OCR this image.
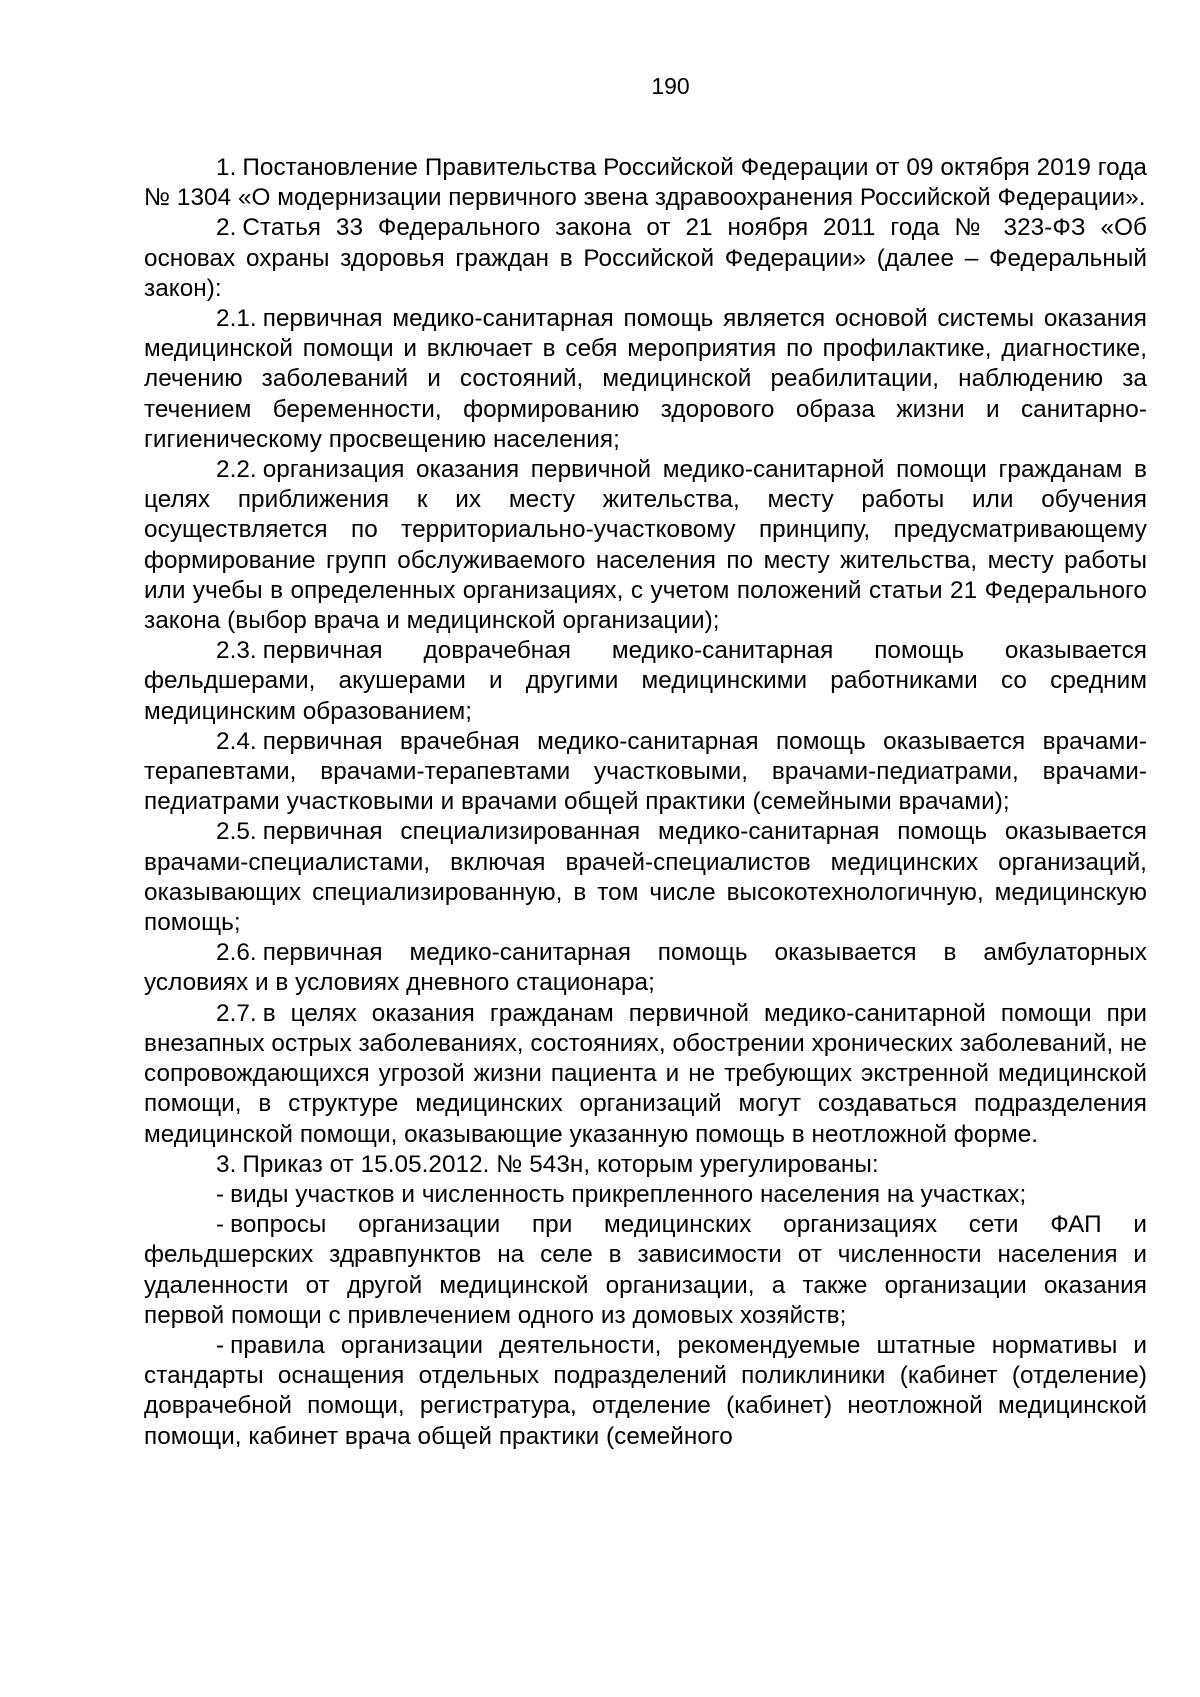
190

1. Постановление Правительства Российской Федерации от 09 октября 2019 года № 1304 «О модернизации первичного звена здравоохранения Российской Федерации».

2. Статья 33 Федерального закона от 21 ноября 2011 года № 323-ФЗ «Об основах охраны здоровья граждан в Российской Федерации» (далее – Федеральный закон):

2.1. первичная медико-санитарная помощь является основой системы оказания медицинской помощи и включает в себя мероприятия по профилактике, диагностике, лечению заболеваний и состояний, медицинской реабилитации, наблюдению за течением беременности, формированию здорового образа жизни и санитарно-гигиеническому просвещению населения;

2.2. организация оказания первичной медико-санитарной помощи гражданам в целях приближения к их месту жительства, месту работы или обучения осуществляется по территориально-участковому принципу, предусматривающему формирование групп обслуживаемого населения по месту жительства, месту работы или учебы в определенных организациях, с учетом положений статьи 21 Федерального закона (выбор врача и медицинской организации);

2.3. первичная доврачебная медико-санитарная помощь оказывается фельдшерами, акушерами и другими медицинскими работниками со средним медицинским образованием;

2.4. первичная врачебная медико-санитарная помощь оказывается врачами-терапевтами, врачами-терапевтами участковыми, врачами-педиатрами, врачами-педиатрами участковыми и врачами общей практики (семейными врачами);

2.5. первичная специализированная медико-санитарная помощь оказывается врачами-специалистами, включая врачей-специалистов медицинских организаций, оказывающих специализированную, в том числе высокотехнологичную, медицинскую помощь;

2.6. первичная медико-санитарная помощь оказывается в амбулаторных условиях и в условиях дневного стационара;

2.7. в целях оказания гражданам первичной медико-санитарной помощи при внезапных острых заболеваниях, состояниях, обострении хронических заболеваний, не сопровождающихся угрозой жизни пациента и не требующих экстренной медицинской помощи, в структуре медицинских организаций могут создаваться подразделения медицинской помощи, оказывающие указанную помощь в неотложной форме.

3. Приказ от 15.05.2012. № 543н, которым урегулированы:

- виды участков и численность прикрепленного населения на участках;

- вопросы организации при медицинских организациях сети ФАП и фельдшерских здравпунктов на селе в зависимости от численности населения и удаленности от другой медицинской организации, а также организации оказания первой помощи с привлечением одного из домовых хозяйств;

- правила организации деятельности, рекомендуемые штатные нормативы и стандарты оснащения отдельных подразделений поликлиники (кабинет (отделение) доврачебной помощи, регистратура, отделение (кабинет) неотложной медицинской помощи, кабинет врача общей практики (семейного
